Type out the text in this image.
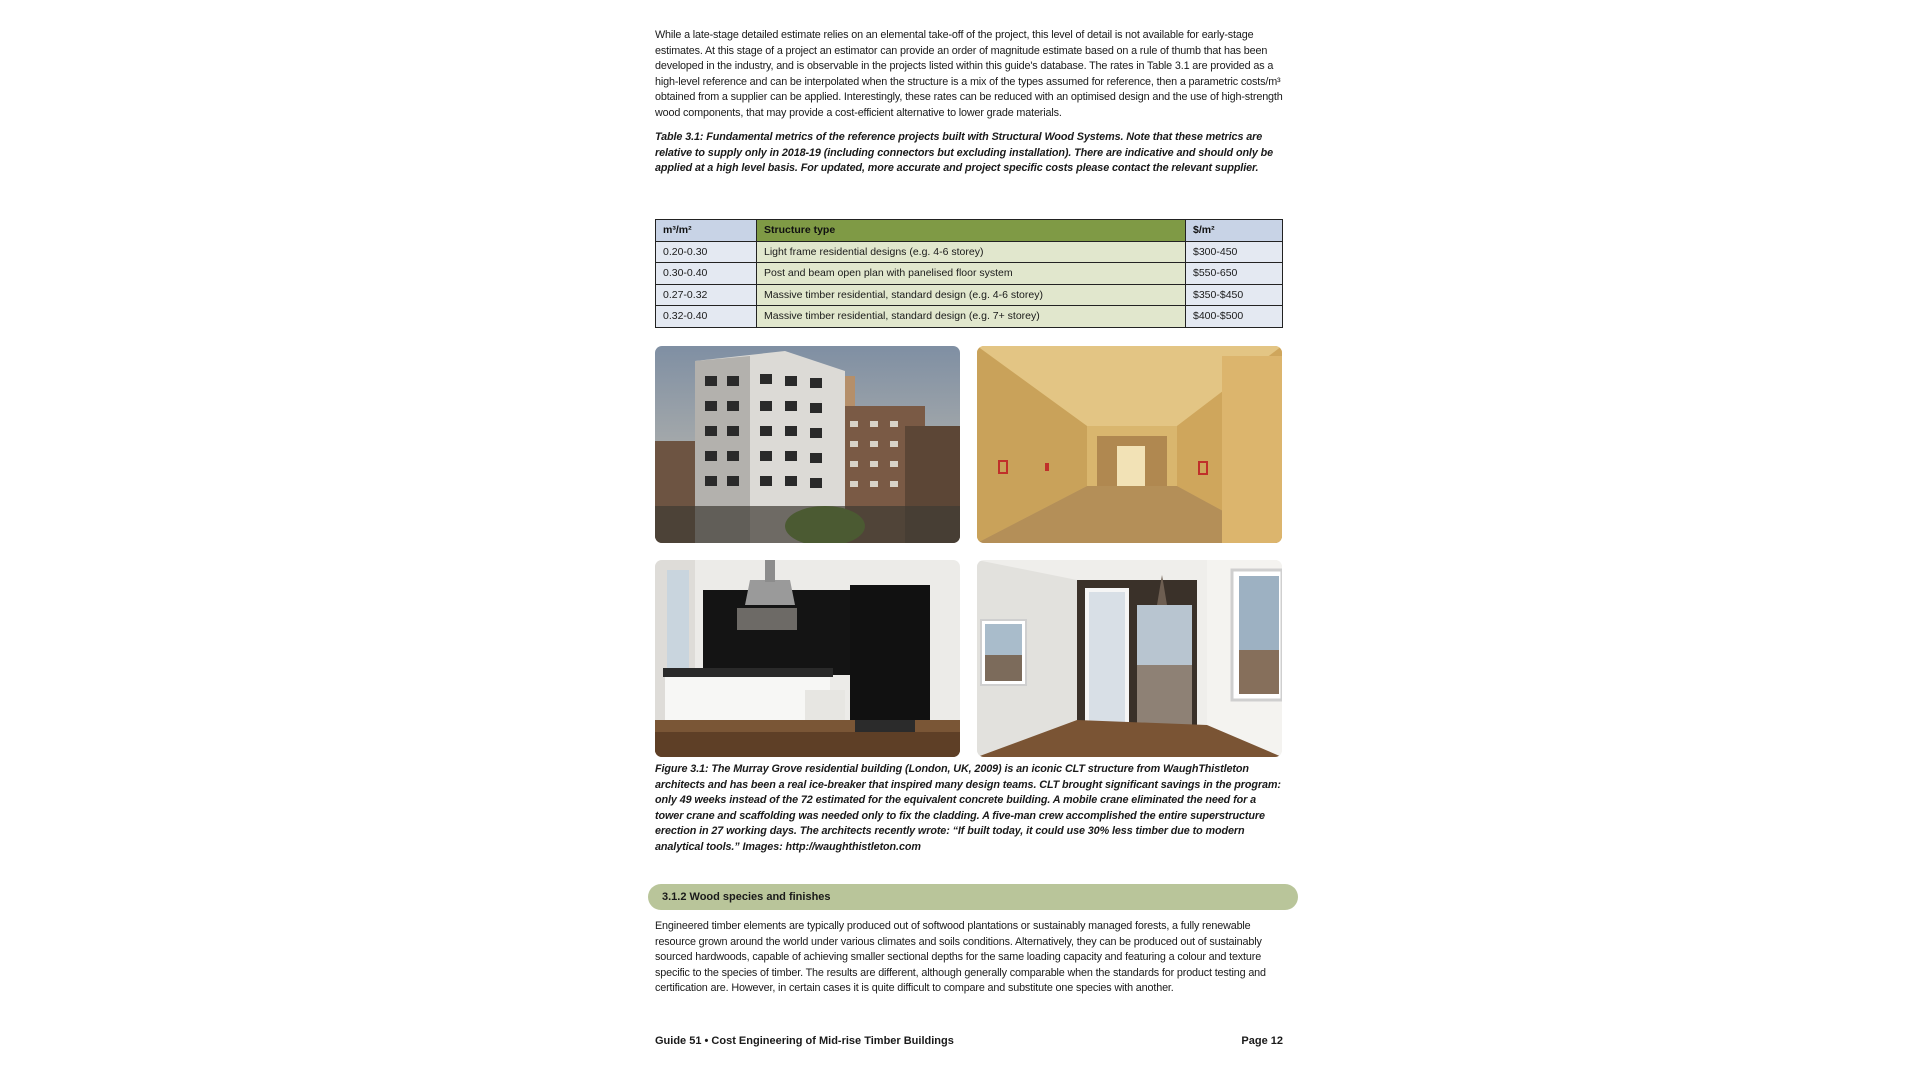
While a late-stage detailed estimate relies on an elemental take-off of the project, this level of detail is not available for early-stage estimates. At this stage of a project an estimator can provide an order of magnitude estimate based on a rule of thumb that has been developed in the industry, and is observable in the projects listed within this guide's database. The rates in Table 3.1 are provided as a high-level reference and can be interpolated when the structure is a mix of the types assumed for reference, then a parametric costs/m³ obtained from a supplier can be applied. Interestingly, these rates can be reduced with an optimised design and the use of high-strength wood components, that may provide a cost-efficient alternative to lower grade materials.

Table 3.1: Fundamental metrics of the reference projects built with Structural Wood Systems. Note that these metrics are relative to supply only in 2018-19 (including connectors but excluding installation). There are indicative and should only be applied at a high level basis. For updated, more accurate and project specific costs please contact the relevant supplier.

m³/m²	Structure type	$/m²
0.20-0.30	Light frame residential designs (e.g. 4-6 storey)	$300-450
0.30-0.40	Post and beam open plan with panelised floor system	$550-650
0.27-0.32	Massive timber residential, standard design (e.g. 4-6 storey)	$350-$450
0.32-0.40	Massive timber residential, standard design (e.g. 7+ storey)	$400-$500

Figure 3.1: The Murray Grove residential building (London, UK, 2009) is an iconic CLT structure from WaughThistleton architects and has been a real ice-breaker that inspired many design teams. CLT brought significant savings in the program: only 49 weeks instead of the 72 estimated for the equivalent concrete building. A mobile crane eliminated the need for a tower crane and scaffolding was needed only to fix the cladding. A five-man crew accomplished the entire superstructure erection in 27 working days. The architects recently wrote: “If built today, it could use 30% less timber due to modern analytical tools.” Images: http://waughthistleton.com

3.1.2 Wood species and finishes

Engineered timber elements are typically produced out of softwood plantations or sustainably managed forests, a fully renewable resource grown around the world under various climates and soils conditions. Alternatively, they can be produced out of sustainably sourced hardwoods, capable of achieving smaller sectional depths for the same loading capacity and featuring a colour and texture specific to the species of timber. The results are different, although generally comparable when the standards for product testing and certification are. However, in certain cases it is quite difficult to compare and substitute one species with another.

Guide 51 • Cost Engineering of Mid-rise Timber Buildings	Page 12
